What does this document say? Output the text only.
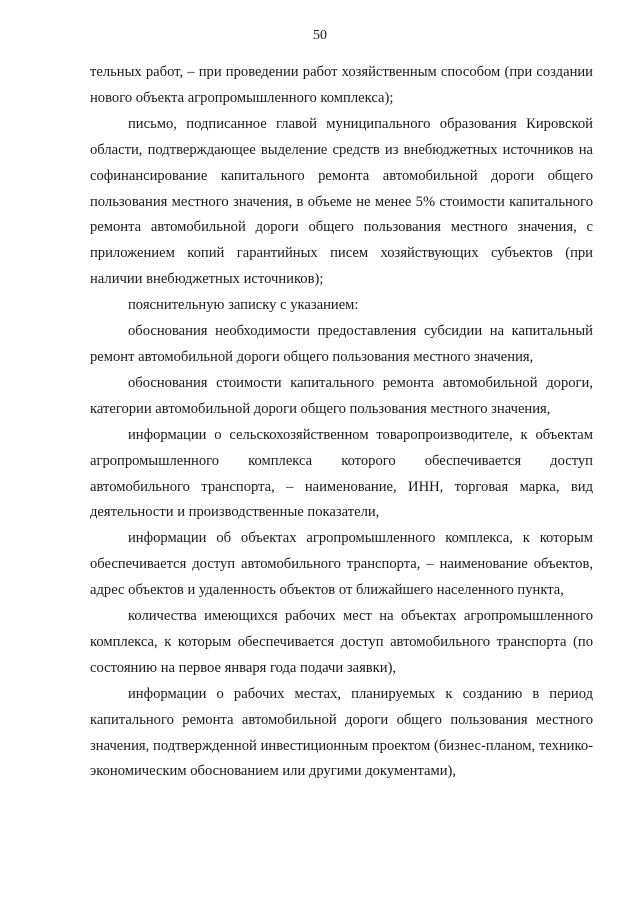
50

тельных работ, – при проведении работ хозяйственным способом (при создании нового объекта агропромышленного комплекса);

письмо, подписанное главой муниципального образования Кировской области, подтверждающее выделение средств из внебюджетных источников на софинансирование капитального ремонта автомобильной дороги общего пользования местного значения, в объеме не менее 5% стоимости капитального ремонта автомобильной дороги общего пользования местного значения, с приложением копий гарантийных писем хозяйствующих субъектов (при наличии внебюджетных источников);

пояснительную записку с указанием:

обоснования необходимости предоставления субсидии на капитальный ремонт автомобильной дороги общего пользования местного значения,

обоснования стоимости капитального ремонта автомобильной дороги, категории автомобильной дороги общего пользования местного значения,

информации о сельскохозяйственном товаропроизводителе, к объектам агропромышленного комплекса которого обеспечивается доступ автомобильного транспорта, – наименование, ИНН, торговая марка, вид деятельности и производственные показатели,

информации об объектах агропромышленного комплекса, к которым обеспечивается доступ автомобильного транспорта, – наименование объектов, адрес объектов и удаленность объектов от ближайшего населенного пункта,

количества имеющихся рабочих мест на объектах агропромышленного комплекса, к которым обеспечивается доступ автомобильного транспорта (по состоянию на первое января года подачи заявки),

информации о рабочих местах, планируемых к созданию в период капитального ремонта автомобильной дороги общего пользования местного значения, подтвержденной инвестиционным проектом (бизнес-планом, технико-экономическим обоснованием или другими документами),
